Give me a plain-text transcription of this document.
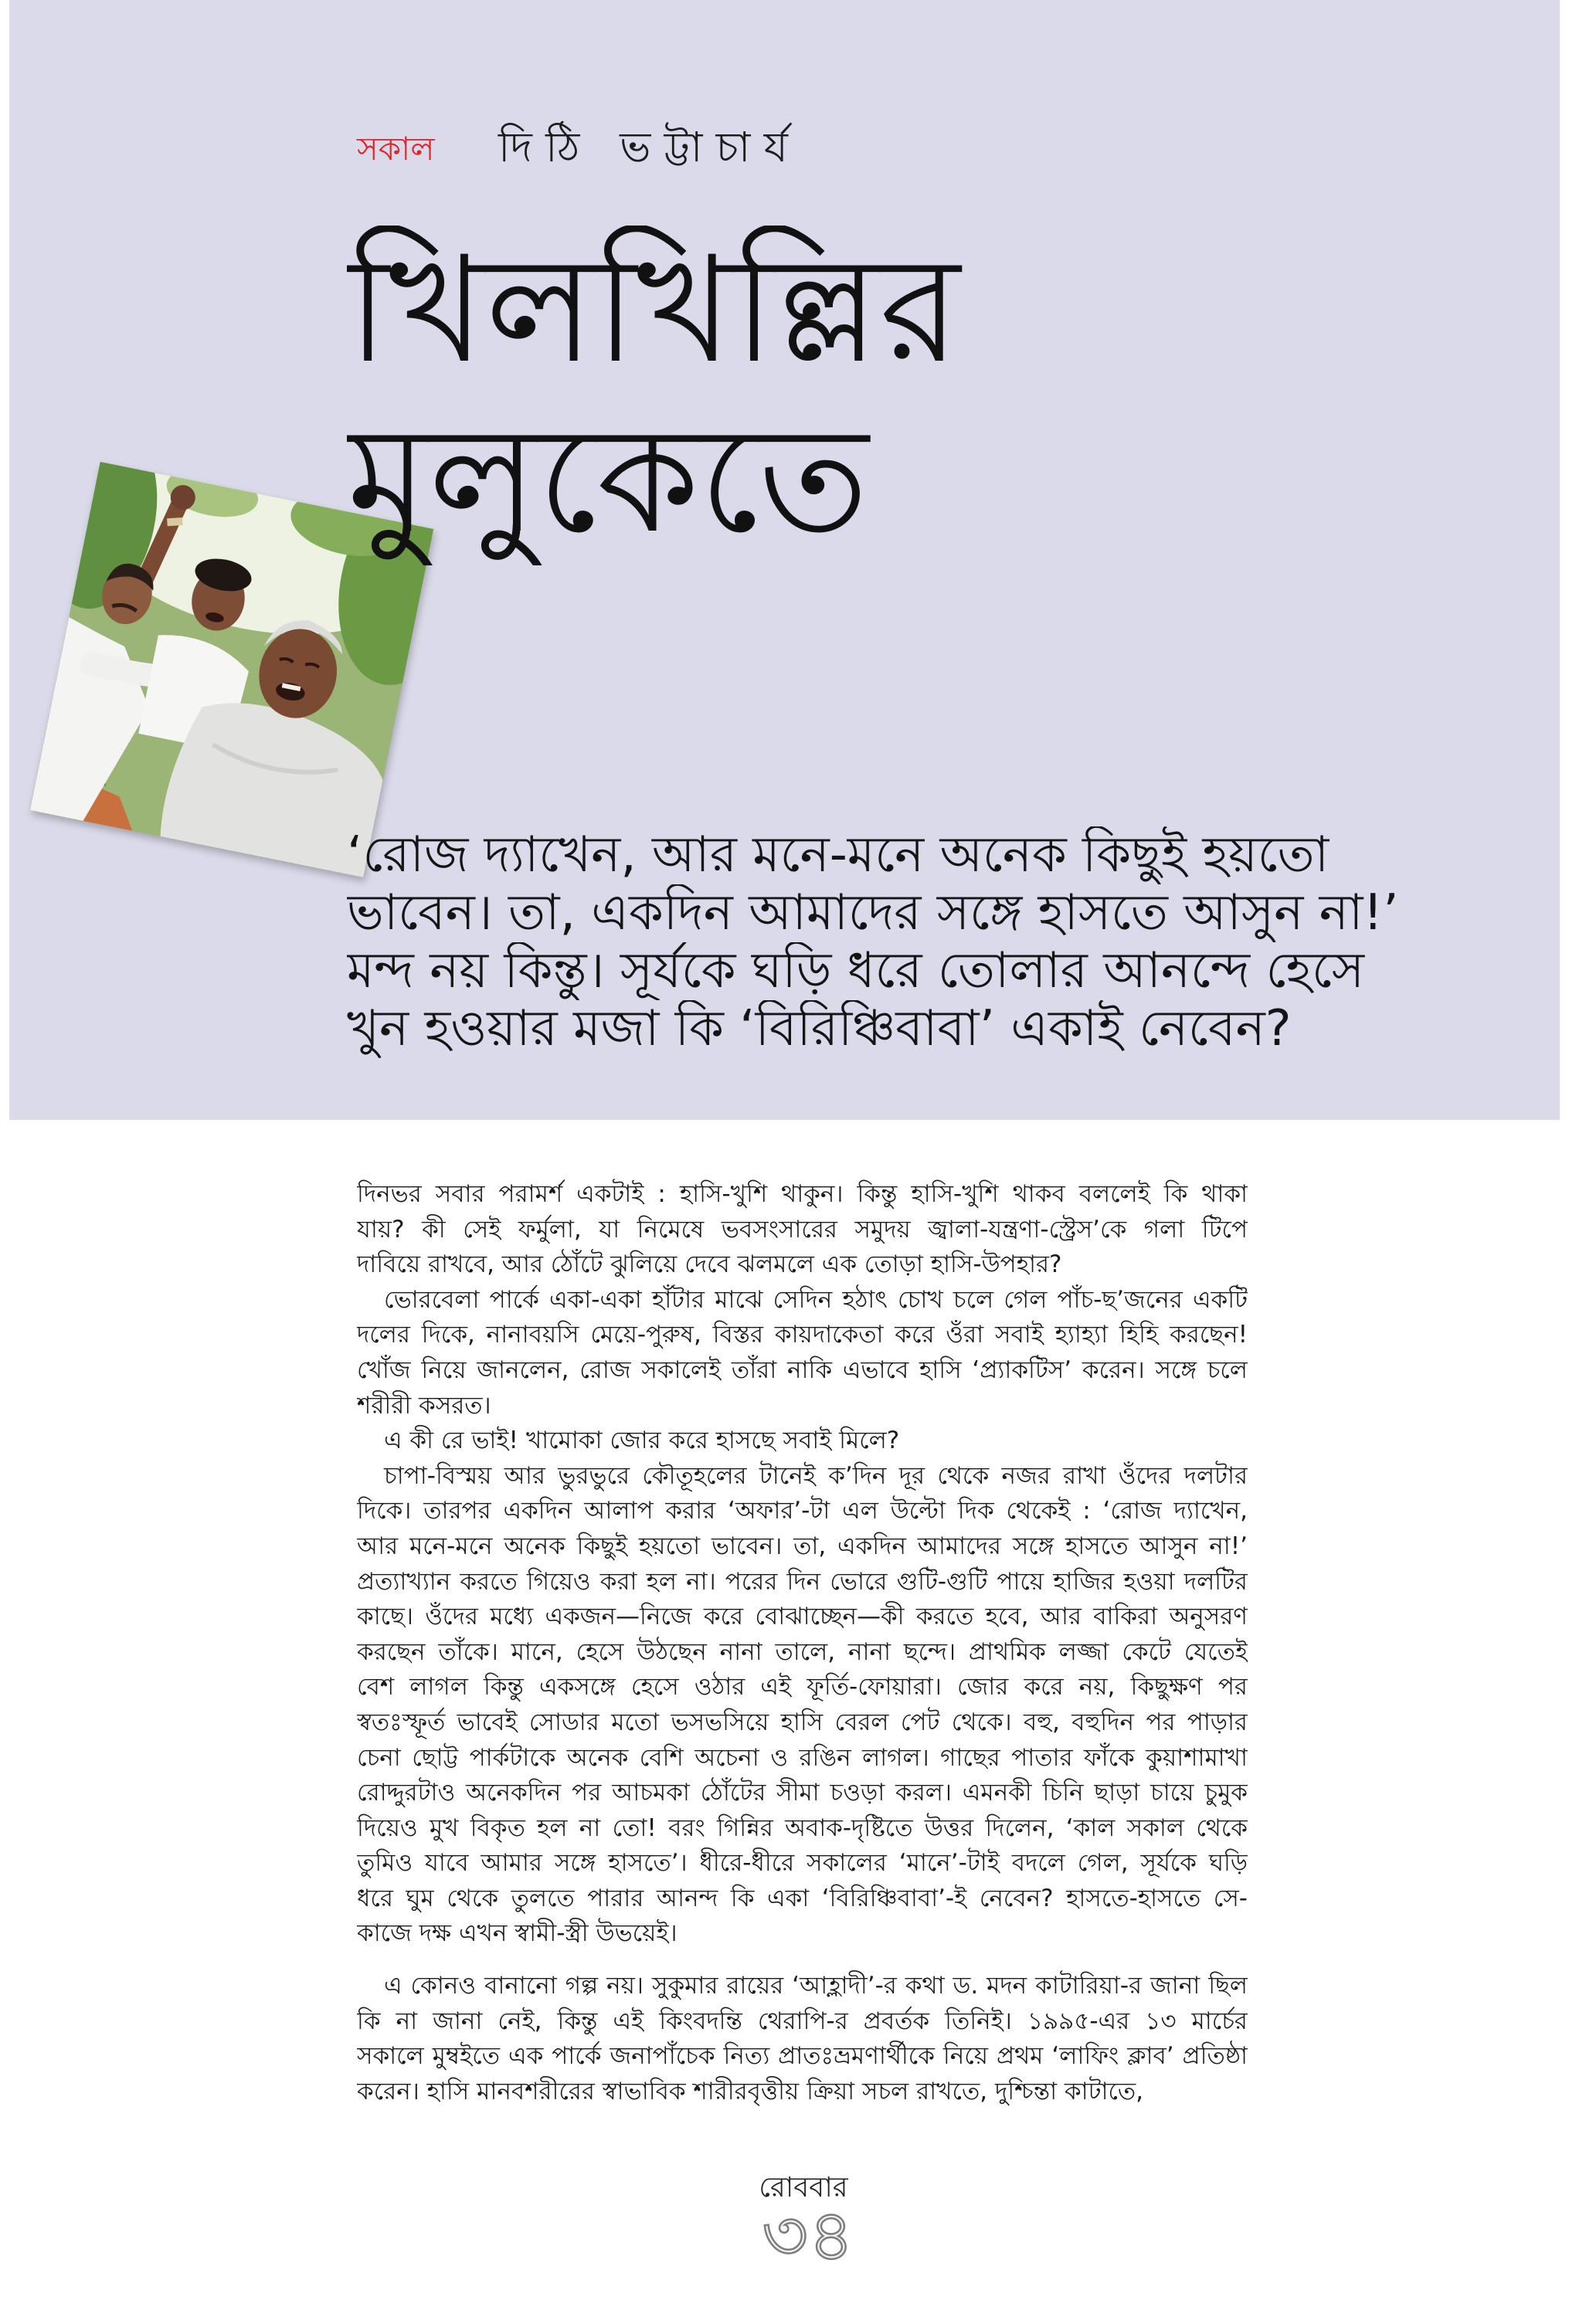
সকাল দিঠি ভট্টাচার্য
খিলখিল্লির
মুলুকেতে
‘রোজ দ্যাখেন, আর মনে-মনে অনেক কিছুই হয়তো
ভাবেন। তা, একদিন আমাদের সঙ্গে হাসতে আসুন না!’
মন্দ নয় কিন্তু। সূর্যকে ঘড়ি ধরে তোলার আনন্দে হেসে
খুন হওয়ার মজা কি ‘বিরিঞ্চিবাবা’ একাই নেবেন?
দিনভর সবার পরামর্শ একটাই : হাসি-খুশি থাকুন। কিন্তু হাসি-খুশি থাকব বললেই কি থাকা
যায়? কী সেই ফর্মুলা, যা নিমেষে ভবসংসারের সমুদয় জ্বালা-যন্ত্রণা-স্ট্রেস’কে গলা টিপে
দাবিয়ে রাখবে, আর ঠোঁটে ঝুলিয়ে দেবে ঝলমলে এক তোড়া হাসি-উপহার?
ভোরবেলা পার্কে একা-একা হাঁটার মাঝে সেদিন হঠাৎ চোখ চলে গেল পাঁচ-ছ’জনের একটি
দলের দিকে, নানাবয়সি মেয়ে-পুরুষ, বিস্তর কায়দাকেতা করে ওঁরা সবাই হ্যাহ্যা হিহি করছেন!
খোঁজ নিয়ে জানলেন, রোজ সকালেই তাঁরা নাকি এভাবে হাসি ‘প্র্যাকটিস’ করেন। সঙ্গে চলে
শরীরী কসরত।
এ কী রে ভাই! খামোকা জোর করে হাসছে সবাই মিলে?
চাপা-বিস্ময় আর ভুরভুরে কৌতূহলের টানেই ক’দিন দূর থেকে নজর রাখা ওঁদের দলটার
দিকে। তারপর একদিন আলাপ করার ‘অফার’-টা এল উল্টো দিক থেকেই : ‘রোজ দ্যাখেন,
আর মনে-মনে অনেক কিছুই হয়তো ভাবেন। তা, একদিন আমাদের সঙ্গে হাসতে আসুন না!’
প্রত্যাখ্যান করতে গিয়েও করা হল না। পরের দিন ভোরে গুটি-গুটি পায়ে হাজির হওয়া দলটির
কাছে। ওঁদের মধ্যে একজন—নিজে করে বোঝাচ্ছেন—কী করতে হবে, আর বাকিরা অনুসরণ
করছেন তাঁকে। মানে, হেসে উঠছেন নানা তালে, নানা ছন্দে। প্রাথমিক লজ্জা কেটে যেতেই
বেশ লাগল কিন্তু একসঙ্গে হেসে ওঠার এই ফূর্তি-ফোয়ারা। জোর করে নয়, কিছুক্ষণ পর
স্বতঃস্ফূর্ত ভাবেই সোডার মতো ভসভসিয়ে হাসি বেরল পেট থেকে। বহু, বহুদিন পর পাড়ার
চেনা ছোট্ট পার্কটাকে অনেক বেশি অচেনা ও রঙিন লাগল। গাছের পাতার ফাঁকে কুয়াশামাখা
রোদ্দুরটাও অনেকদিন পর আচমকা ঠোঁটের সীমা চওড়া করল। এমনকী চিনি ছাড়া চায়ে চুমুক
দিয়েও মুখ বিকৃত হল না তো! বরং গিন্নির অবাক-দৃষ্টিতে উত্তর দিলেন, ‘কাল সকাল থেকে
তুমিও যাবে আমার সঙ্গে হাসতে’। ধীরে-ধীরে সকালের ‘মানে’-টাই বদলে গেল, সূর্যকে ঘড়ি
ধরে ঘুম থেকে তুলতে পারার আনন্দ কি একা ‘বিরিঞ্চিবাবা’-ই নেবেন? হাসতে-হাসতে সে-
কাজে দক্ষ এখন স্বামী-স্ত্রী উভয়েই।
এ কোনও বানানো গল্প নয়। সুকুমার রায়ের ‘আহ্লাদী’-র কথা ড. মদন কাটারিয়া-র জানা ছিল
কি না জানা নেই, কিন্তু এই কিংবদন্তি থেরাপি-র প্রবর্তক তিনিই। ১৯৯৫-এর ১৩ মার্চের
সকালে মুম্বইতে এক পার্কে জনাপাঁচেক নিত্য প্রাতঃভ্রমণার্থীকে নিয়ে প্রথম ‘লাফিং ক্লাব’ প্রতিষ্ঠা
করেন। হাসি মানবশরীরের স্বাভাবিক শারীরবৃত্তীয় ক্রিয়া সচল রাখতে, দুশ্চিন্তা কাটাতে,
রোববার
৩৪
